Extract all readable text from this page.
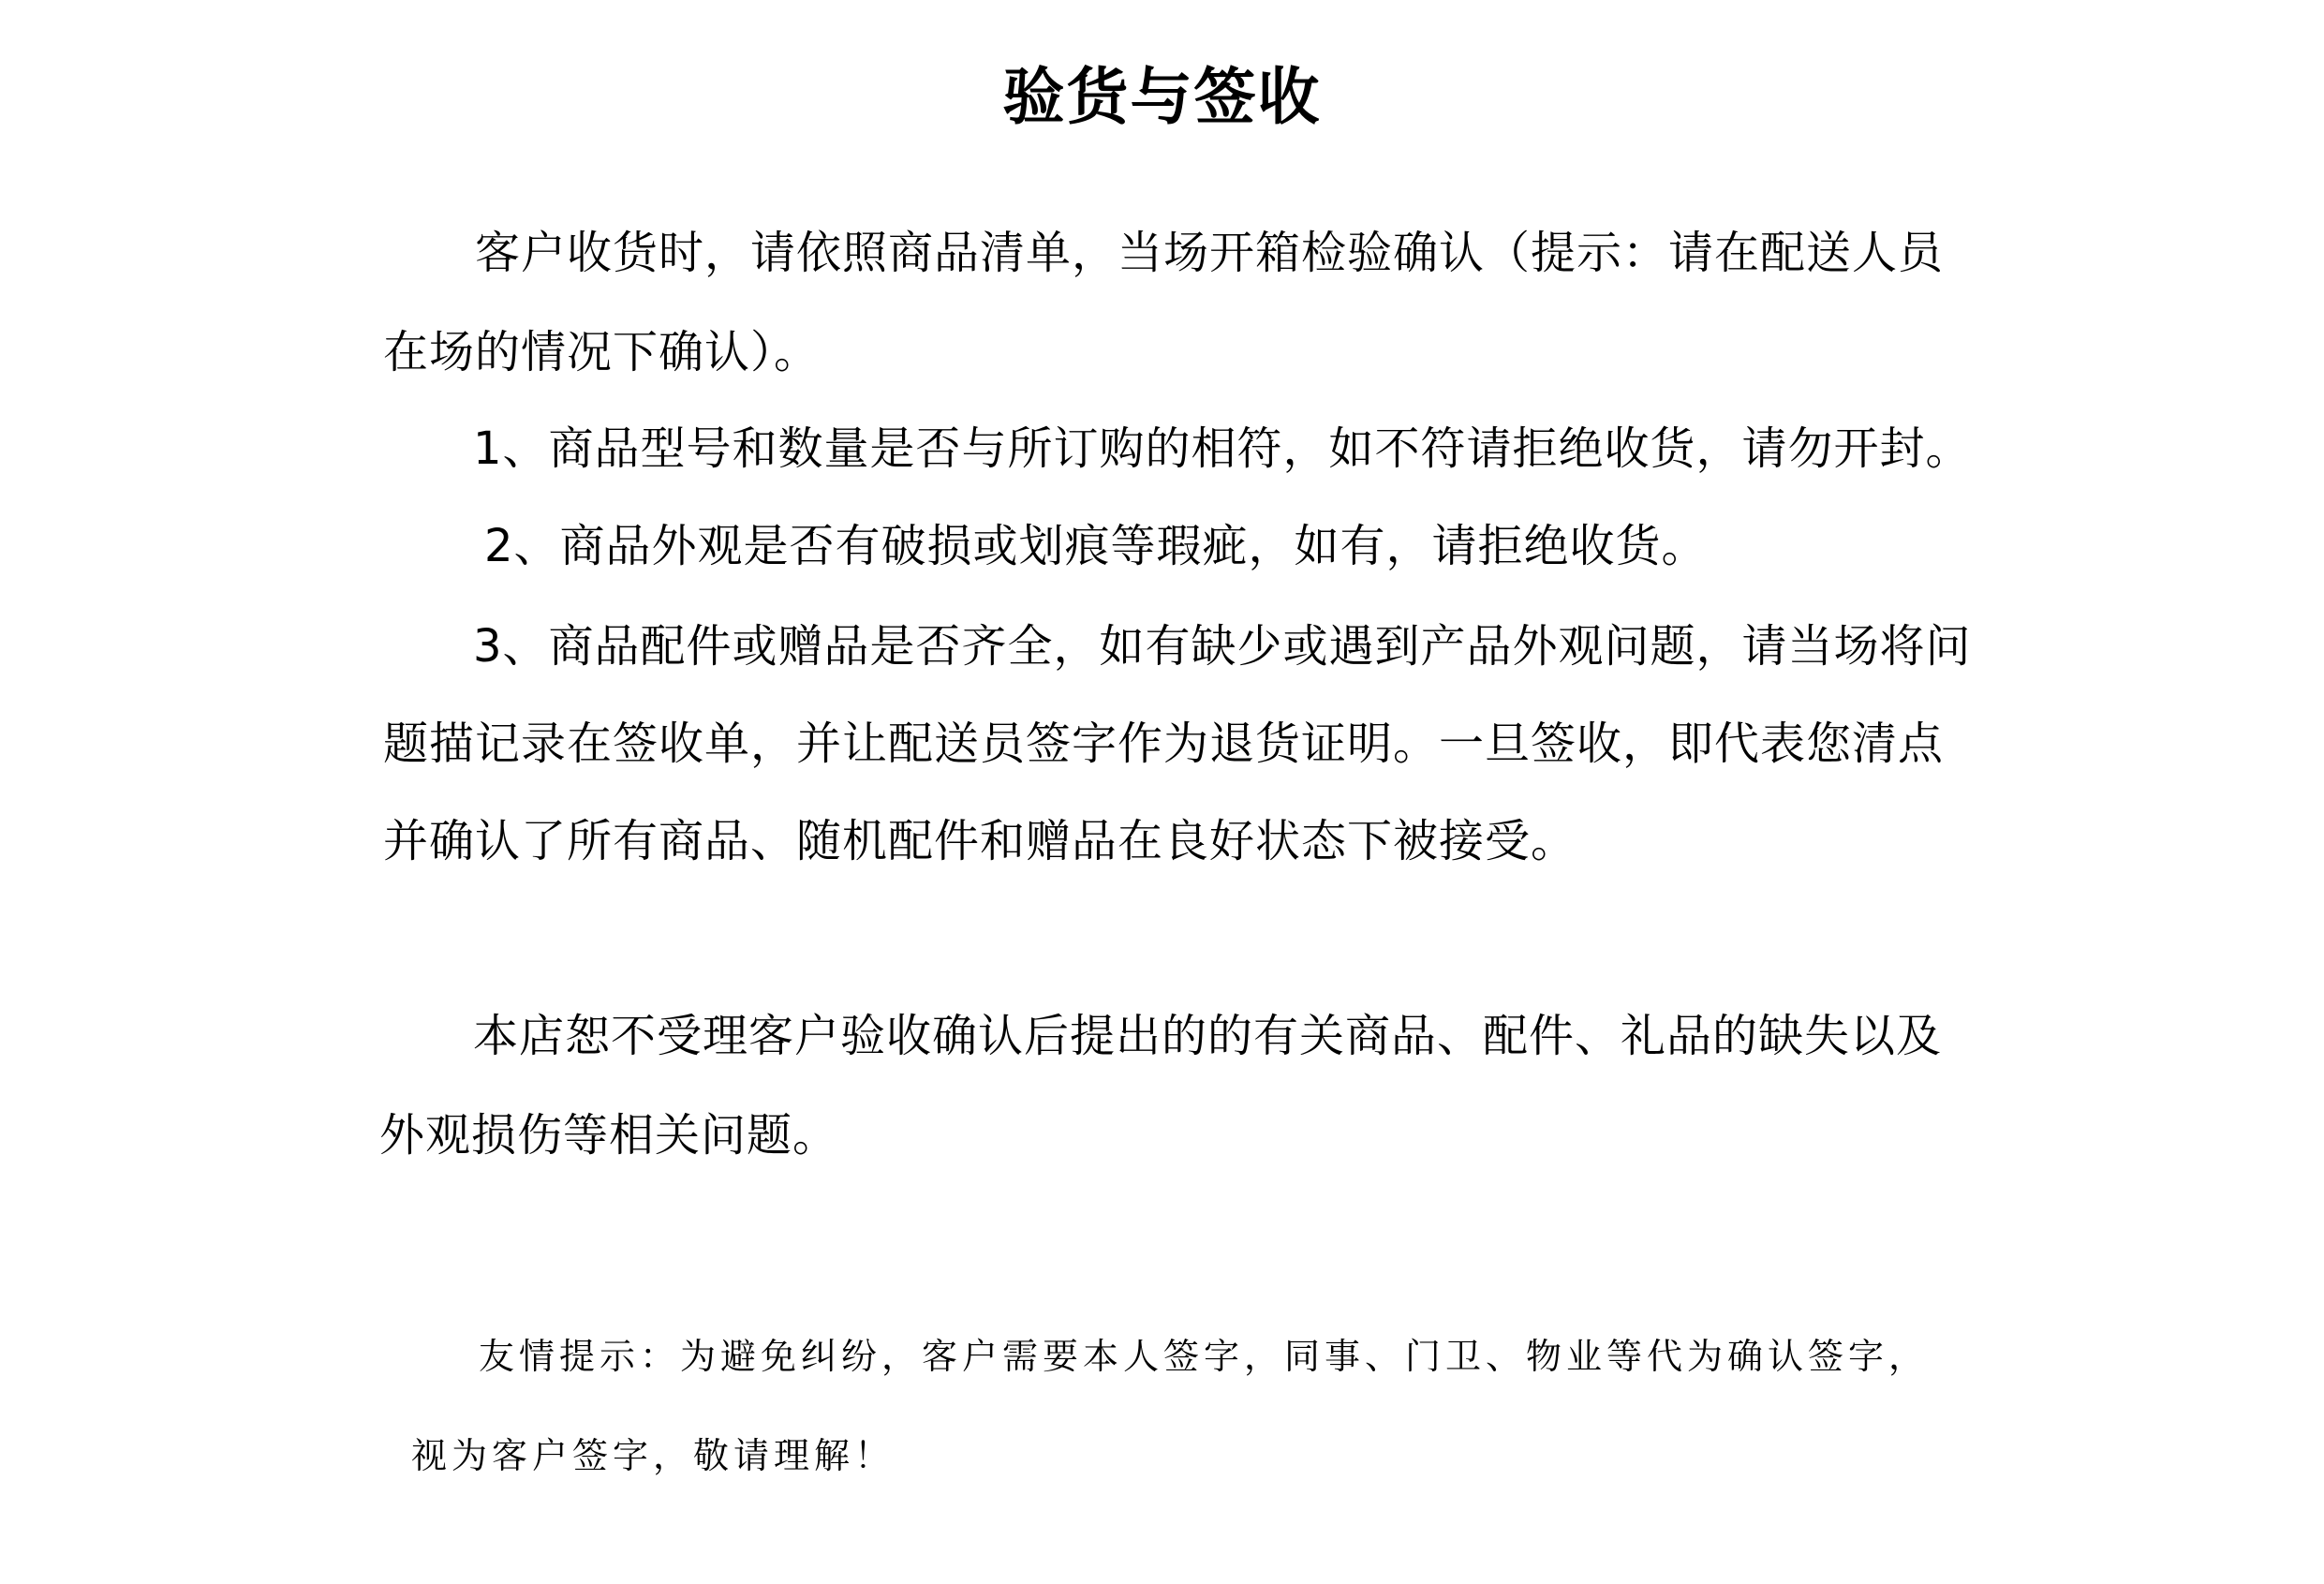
验货与签收
客户收货时，请依照商品清单，当场开箱检验确认（提示：请在配送人员
在场的情况下确认）。
1、商品型号和数量是否与所订购的相符，如不符请拒绝收货，请勿开封。
2、商品外观是否有破损或划痕等瑕疵，如有，请拒绝收货。
3、商品配件或赠品是否齐全，如有缺少或遇到产品外观问题，请当场将问
题描记录在签收单，并让配送员签字作为退货证明。一旦签收，即代表您清点
并确认了所有商品、随机配件和赠品在良好状态下被接受。
本店恕不受理客户验收确认后提出的的有关商品、配件、礼品的缺失以及
外观损伤等相关问题。
友情提示：为避免纠纷，客户需要本人签字，同事、门卫、物业等代为确认签字，
视为客户签字，敬请理解！
